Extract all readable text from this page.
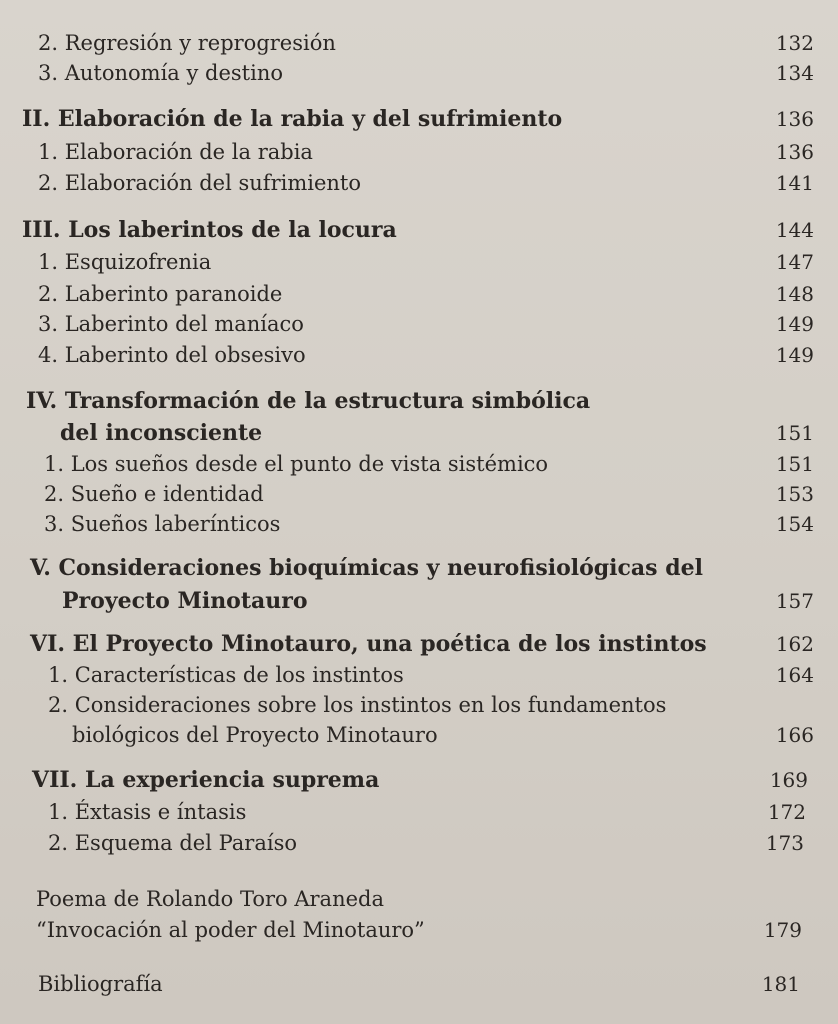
2. Regresión y reprogresión	132
3. Autonomía y destino	134
II. Elaboración de la rabia y del sufrimiento	136
1. Elaboración de la rabia	136
2. Elaboración del sufrimiento	141
III. Los laberintos de la locura	144
1. Esquizofrenia	147
2. Laberinto paranoide	148
3. Laberinto del maníaco	149
4. Laberinto del obsesivo	149
IV. Transformación de la estructura simbólica
del inconsciente	151
1. Los sueños desde el punto de vista sistémico	151
2. Sueño e identidad	153
3. Sueños laberínticos	154
V. Consideraciones bioquímicas y neurofisiológicas del
Proyecto Minotauro	157
VI. El Proyecto Minotauro, una poética de los instintos	162
1. Características de los instintos	164
2. Consideraciones sobre los instintos en los fundamentos
biológicos del Proyecto Minotauro	166
VII. La experiencia suprema	169
1. Éxtasis e íntasis	172
2. Esquema del Paraíso	173
Poema de Rolando Toro Araneda
“Invocación al poder del Minotauro”	179
Bibliografía	181
